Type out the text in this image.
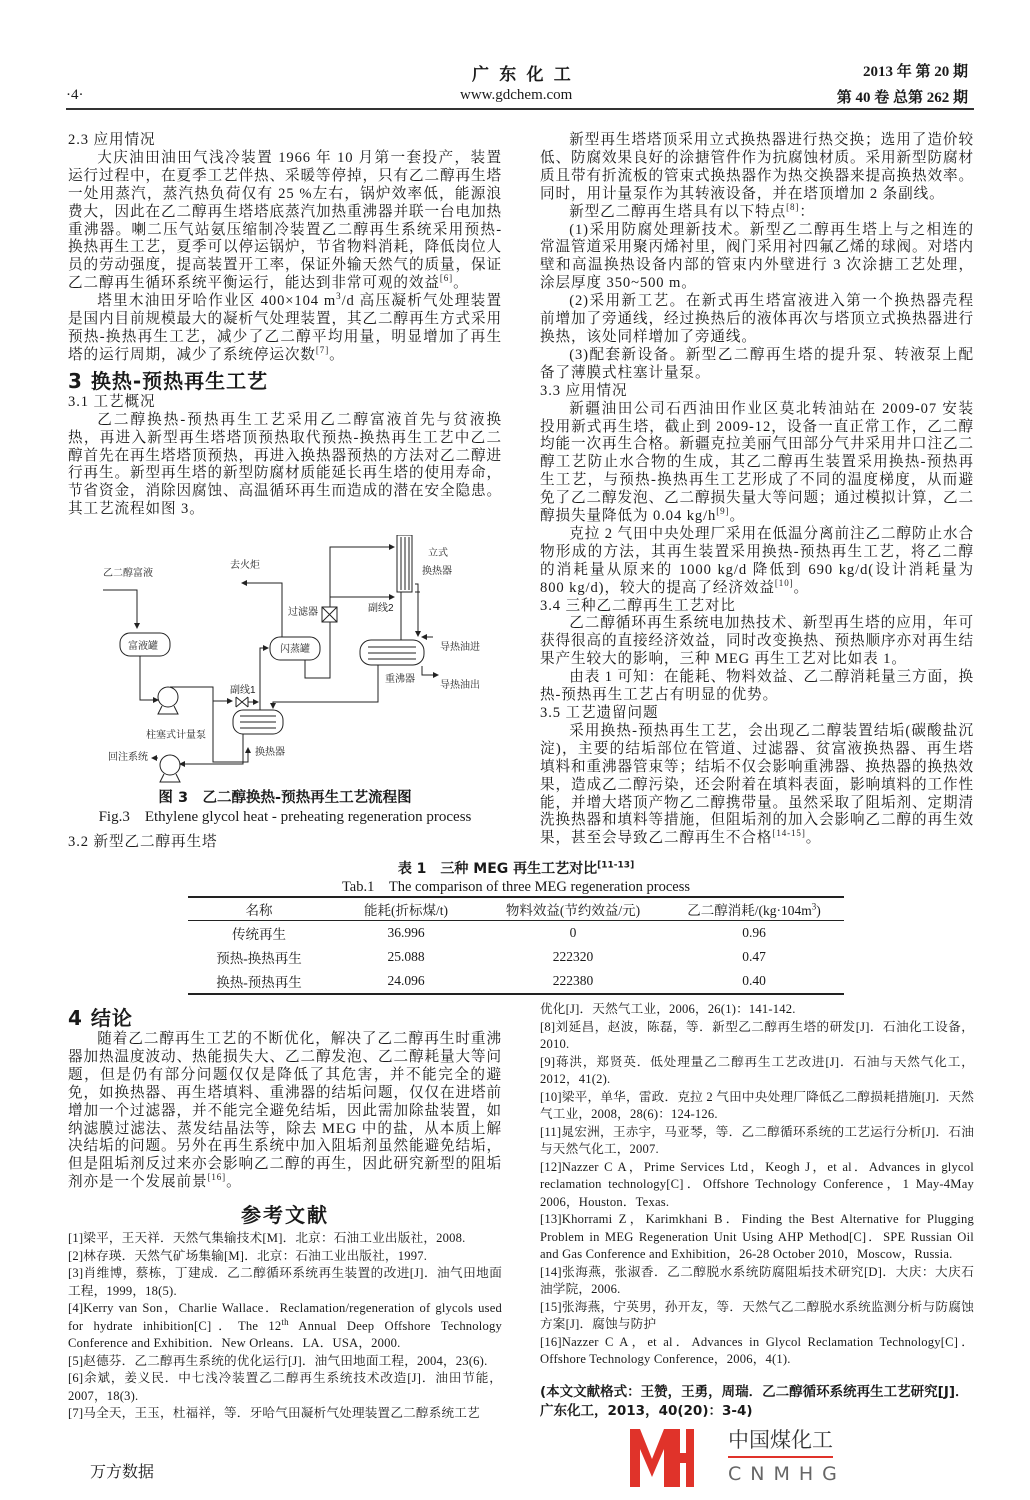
广 东 化 工
www.gdchem.com
·4·
2013 年 第 20 期
第 40 卷 总第 262 期
2.3 应用情况

大庆油田油田气浅冷装置 1966 年 10 月第一套投产，装置运行过程中，在夏季工艺伴热、采暖等停掉，只有乙二醇再生塔一处用蒸汽，蒸汽热负荷仅有 25 %左右，锅炉效率低，能源浪费大，因此在乙二醇再生塔塔底蒸汽加热重沸器并联一台电加热重沸器。喇二压气站氨压缩制冷装置乙二醇再生系统采用预热-换热再生工艺，夏季可以停运锅炉，节省物料消耗，降低岗位人员的劳动强度，提高装置开工率，保证外输天然气的质量，保证乙二醇再生循环系统平衡运行，能达到非常可观的效益[6]。

塔里木油田牙哈作业区 400×104 $m^3/d$ 高压凝析气处理装置是国内目前规模最大的凝析气处理装置，其乙二醇再生方式采用预热-换热再生工艺，减少了乙二醇平均用量，明显增加了再生塔的运行周期，减少了系统停运次数[7]。

3 换热-预热再生工艺
3.1 工艺概况

乙二醇换热-预热再生工艺采用乙二醇富液首先与贫液换热，再进入新型再生塔塔顶预热取代预热-换热再生工艺中乙二醇首先在再生塔塔顶预热，再进入换热器预热的方法对乙二醇进行再生。新型再生塔的新型防腐材质能延长再生塔的使用寿命，节省资金，消除因腐蚀、高温循环再生而造成的潜在安全隐患。其工艺流程如图 3。

乙二醇富液
富液罐
柱塞式计量泵
回注系统	换热器
副线1
闪蒸罐
去火炬
过滤器	副线2
立式
换热器
重沸器
导热油进
导热油出
图 3　乙二醇换热-预热再生工艺流程图
Fig.3　Ethylene glycol heat - preheating regeneration process
3.2 新型乙二醇再生塔

新型再生塔塔顶采用立式换热器进行热交换；选用了造价较低、防腐效果良好的涂搪管件作为抗腐蚀材质。采用新型防腐材质且带有折流板的管束式换热器作为热交换器来提高换热效率。同时，用计量泵作为其转液设备，并在塔顶增加 2 条副线。

新型乙二醇再生塔具有以下特点[8]：

(1)采用防腐处理新技术。新型乙二醇再生塔上与之相连的常温管道采用聚丙烯衬里，阀门采用衬四氟乙烯的球阀。对塔内壁和高温换热设备内部的管束内外壁进行 3 次涂搪工艺处理，涂层厚度 350~500 m。

(2)采用新工艺。在新式再生塔富液进入第一个换热器壳程前增加了旁通线，经过换热后的液体再次与塔顶立式换热器进行换热，该处同样增加了旁通线。

(3)配套新设备。新型乙二醇再生塔的提升泵、转液泵上配备了薄膜式柱塞计量泵。

3.3 应用情况

新疆油田公司石西油田作业区莫北转油站在 2009-07 安装投用新式再生塔，截止到 2009-12，设备一直正常工作，乙二醇均能一次再生合格。新疆克拉美丽气田部分气井采用井口注乙二醇工艺防止水合物的生成，其乙二醇再生装置采用换热-预热再生工艺，与预热-换热再生工艺形成了不同的温度梯度，从而避免了乙二醇发泡、乙二醇损失量大等问题；通过模拟计算，乙二醇损失量降低为 0.04 kg/h[9]。

克拉 2 气田中央处理厂采用在低温分离前注乙二醇防止水合物形成的方法，其再生装置采用换热-预热再生工艺，将乙二醇的消耗量从原来的 1000 kg/d 降低到 690 kg/d(设计消耗量为 800 kg/d)，较大的提高了经济效益[10]。

3.4 三种乙二醇再生工艺对比

乙二醇循环再生系统电加热技术、新型再生塔的应用，年可获得很高的直接经济效益，同时改变换热、预热顺序亦对再生结果产生较大的影响，三种 MEG 再生工艺对比如表 1。

由表 1 可知：在能耗、物料效益、乙二醇消耗量三方面，换热-预热再生工艺占有明显的优势。

3.5 工艺遗留问题

采用换热-预热再生工艺，会出现乙二醇装置结垢(碳酸盐沉淀)，主要的结垢部位在管道、过滤器、贫富液换热器、再生塔填料和重沸器管束等；结垢不仅会影响重沸器、换热器的换热效果，造成乙二醇污染，还会附着在填料表面，影响填料的工作性能，并增大塔顶产物乙二醇携带量。虽然采取了阻垢剂、定期清洗换热器和填料等措施，但阻垢剂的加入会影响乙二醇的再生效果，甚至会导致乙二醇再生不合格[14-15]。

表 1　三种 MEG 再生工艺对比[11-13]
Tab.1　The comparison of three MEG regeneration process
名称	能耗(折标煤/t)	物料效益(节约效益/元)	乙二醇消耗$/(kg\cdot 104m^3)$
传统再生	36.996	0	0.96
预热-换热再生	25.088	222320	0.47
换热-预热再生	24.096	222380	0.40
4 结论

随着乙二醇再生工艺的不断优化，解决了乙二醇再生时重沸器加热温度波动、热能损失大、乙二醇发泡、乙二醇耗量大等问题，但是仍有部分问题仅仅是降低了其危害，并不能完全的避免，如换热器、再生塔填料、重沸器的结垢问题，仅仅在进塔前增加一个过滤器，并不能完全避免结垢，因此需加除盐装置，如纳滤膜过滤法、蒸发结晶法等，除去 MEG 中的盐，从本质上解决结垢的问题。另外在再生系统中加入阻垢剂虽然能避免结垢，但是阻垢剂反过来亦会影响乙二醇的再生，因此研究新型的阻垢剂亦是一个发展前景[16]。

参考文献
[1]梁平，王天祥．天然气集输技术[M]．北京：石油工业出版社，2008.
[2]林存瑛．天然气矿场集输[M]．北京：石油工业出版社，1997.
[3]肖维博，蔡栋，丁建成．乙二醇循环系统再生装置的改进[J]．油气田地面工程，1999，18(5).
[4]Kerry van Son，Charlie Wallace．Reclamation/regeneration of glycols used for hydrate inhibition[C]．The 12th Annual Deep Offshore Technology Conference and Exhibition．New Orleans．LA．USA，2000.
[5]赵德芬．乙二醇再生系统的优化运行[J]．油气田地面工程，2004，23(6).
[6]余斌，姜义民．中七浅冷装置乙二醇再生系统技术改造[J]．油田节能，2007，18(3).
[7]马全天，王玉，杜福祥，等．牙哈气田凝析气处理装置乙二醇系统工艺
优化[J]．天然气工业，2006，26(1)：141-142.
[8]刘延昌，赵波，陈磊，等．新型乙二醇再生塔的研发[J]．石油化工设备，2010.
[9]蒋洪，郑贤英．低处理量乙二醇再生工艺改进[J]．石油与天然气化工，2012，41(2).
[10]梁平，单华，雷政．克拉 2 气田中央处理厂降低乙二醇损耗措施[J]．天然气工业，2008，28(6)：124-126.
[11]晁宏洲，王赤宇，马亚琴，等．乙二醇循环系统的工艺运行分析[J]．石油与天然气化工，2007.
[12]Nazzer C A，Prime Services Ltd，Keogh J，et al．Advances in glycol reclamation technology[C]．Offshore Technology Conference，1 May-4May 2006，Houston．Texas.
[13]Khorrami Z，Karimkhani B．Finding the Best Alternative for Plugging Problem in MEG Regeneration Unit Using AHP Method[C]．SPE Russian Oil and Gas Conference and Exhibition，26-28 October 2010，Moscow，Russia.
[14]张海燕，张淑香．乙二醇脱水系统防腐阻垢技术研究[D]．大庆：大庆石油学院，2006.
[15]张海燕，宁英男，孙开友，等．天然气乙二醇脱水系统监测分析与防腐蚀方案[J]．腐蚀与防护
[16]Nazzer C A，et al．Advances in Glycol Reclamation Technology[C]．Offshore Technology Conference，2006，4(1).
(本文文献格式：王赞，王勇，周瑞．乙二醇循环系统再生工艺研究[J]．广东化工，2013，40(20)：3-4)
中国煤化工
CNMHG
万方数据
